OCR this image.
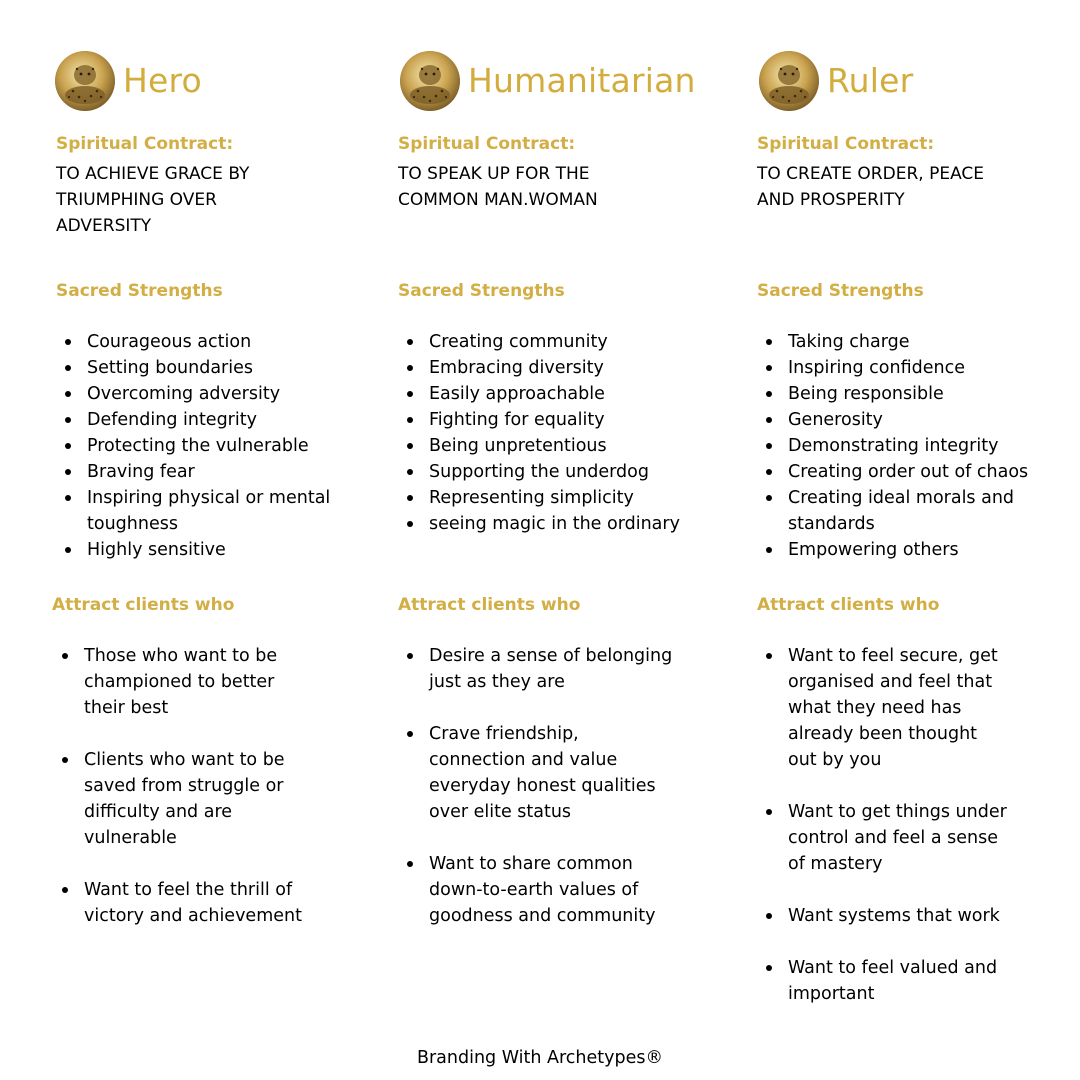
Hero
Spiritual Contract:
TO ACHIEVE GRACE BY
TRIUMPHING OVER
ADVERSITY
Sacred Strengths
Courageous action
Setting boundaries
Overcoming adversity
Defending integrity
Protecting the vulnerable
Braving fear
Inspiring physical or mental
toughness
Highly sensitive
Attract clients who
Those who want to be
championed to better
their best
Clients who want to be
saved from struggle or
difficulty and are
vulnerable
Want to feel the thrill of
victory and achievement
Humanitarian
Spiritual Contract:
TO SPEAK UP FOR THE
COMMON MAN.WOMAN
Sacred Strengths
Creating community
Embracing diversity
Easily approachable
Fighting for equality
Being unpretentious
Supporting the underdog
Representing simplicity
seeing magic in the ordinary
Attract clients who
Desire a sense of belonging
just as they are
Crave friendship,
connection and value
everyday honest qualities
over elite status
Want to share common
down-to-earth values of
goodness and community
Ruler
Spiritual Contract:
TO CREATE ORDER, PEACE
AND PROSPERITY
Sacred Strengths
Taking charge
Inspiring confidence
Being responsible
Generosity
Demonstrating integrity
Creating order out of chaos
Creating ideal morals and
standards
Empowering others
Attract clients who
Want to feel secure, get
organised and feel that
what they need has
already been thought
out by you
Want to get things under
control and feel a sense
of mastery
Want systems that work
Want to feel valued and
important
Branding With Archetypes®
